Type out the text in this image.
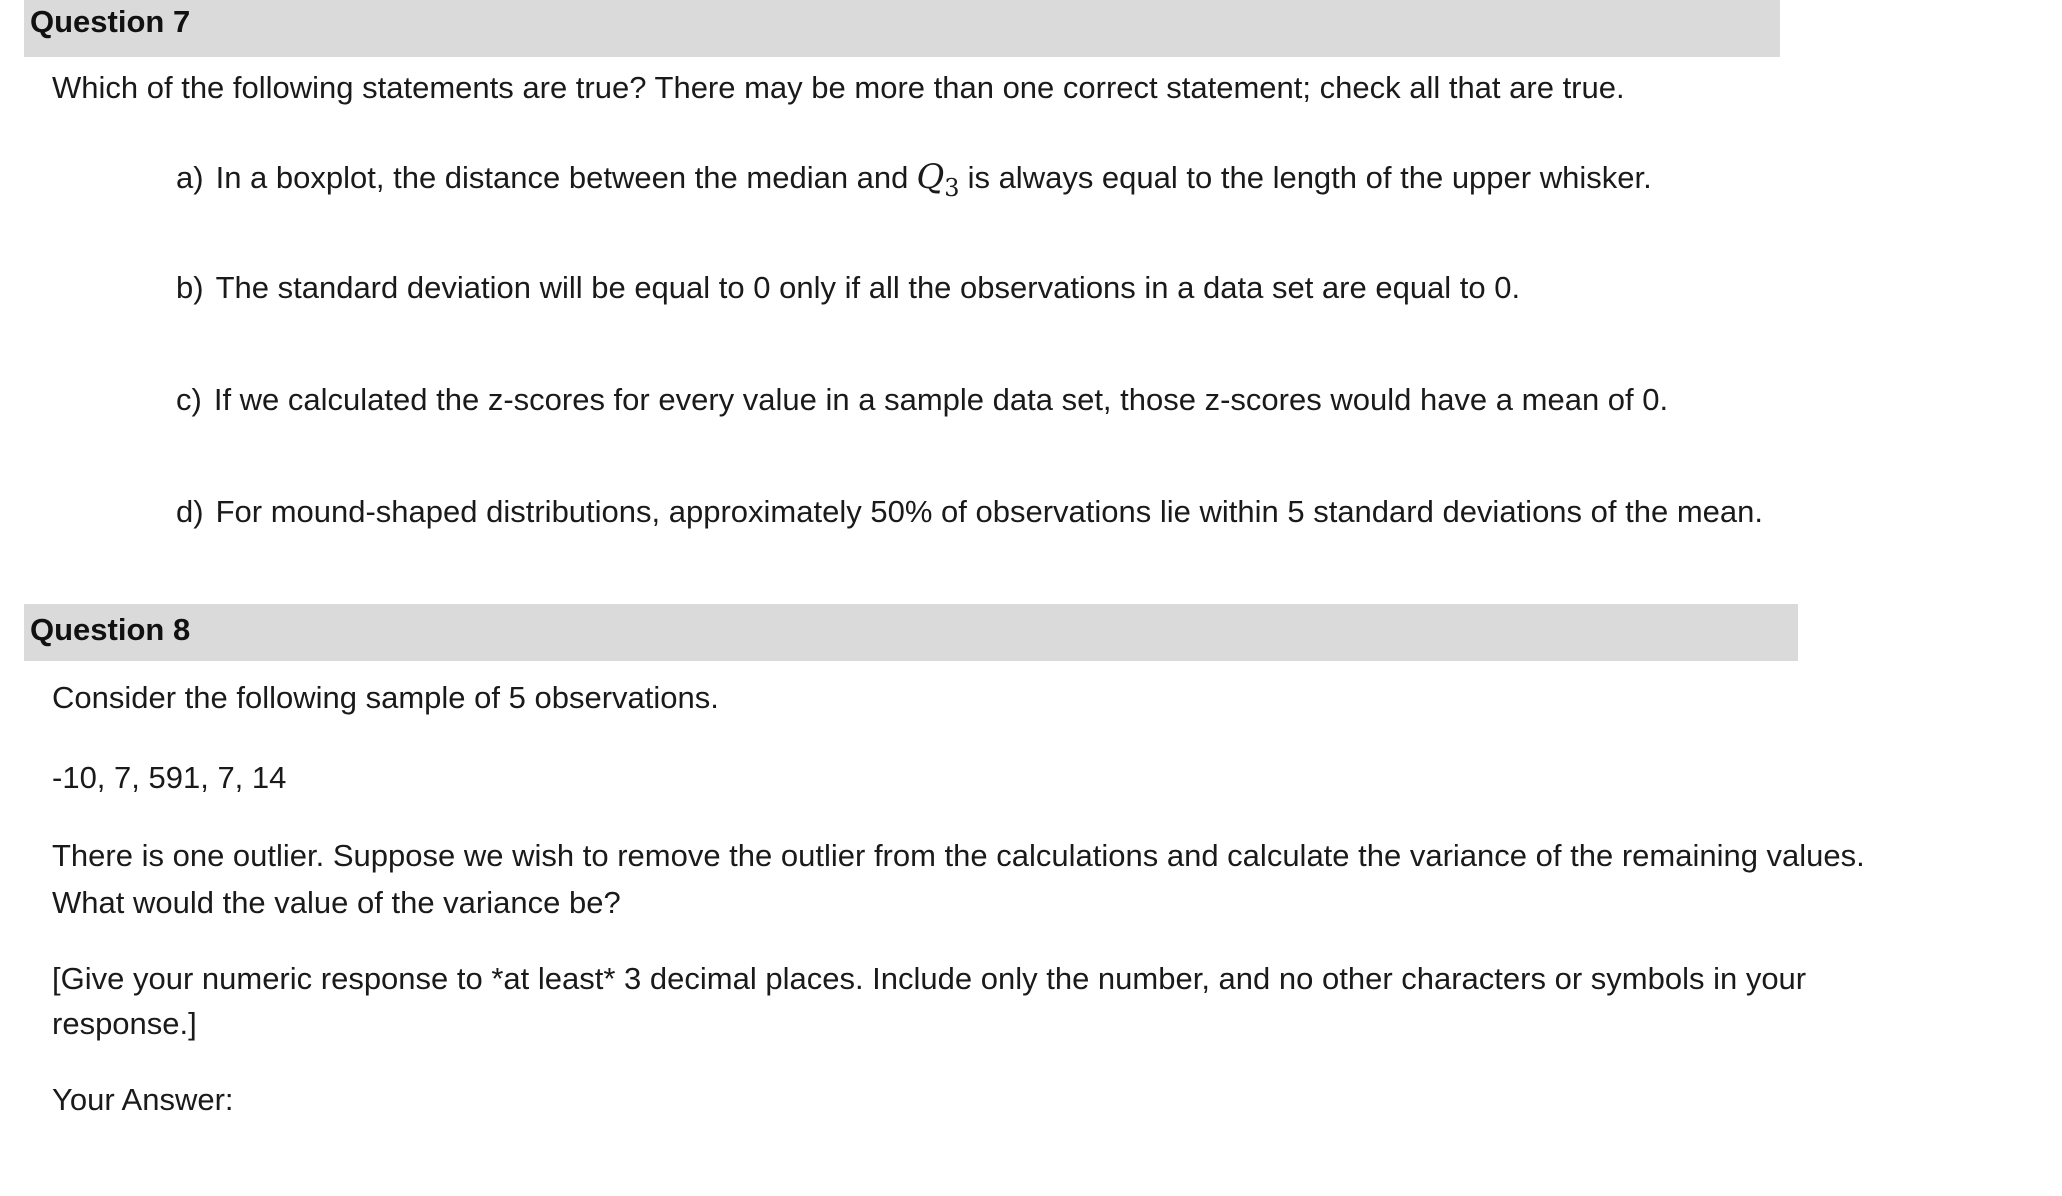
Question 7

Which of the following statements are true? There may be more than one correct statement; check all that are true.

a) In a boxplot, the distance between the median and $Q_3$ is always equal to the length of the upper whisker.
b) The standard deviation will be equal to 0 only if all the observations in a data set are equal to 0.
c) If we calculated the z-scores for every value in a sample data set, those z-scores would have a mean of 0.
d) For mound-shaped distributions, approximately 50% of observations lie within 5 standard deviations of the mean.
Question 8

Consider the following sample of 5 observations.

-10, 7, 591, 7, 14

There is one outlier. Suppose we wish to remove the outlier from the calculations and calculate the variance of the remaining values.

What would the value of the variance be?

[Give your numeric response to *at least* 3 decimal places. Include only the number, and no other characters or symbols in your

response.]

Your Answer:
